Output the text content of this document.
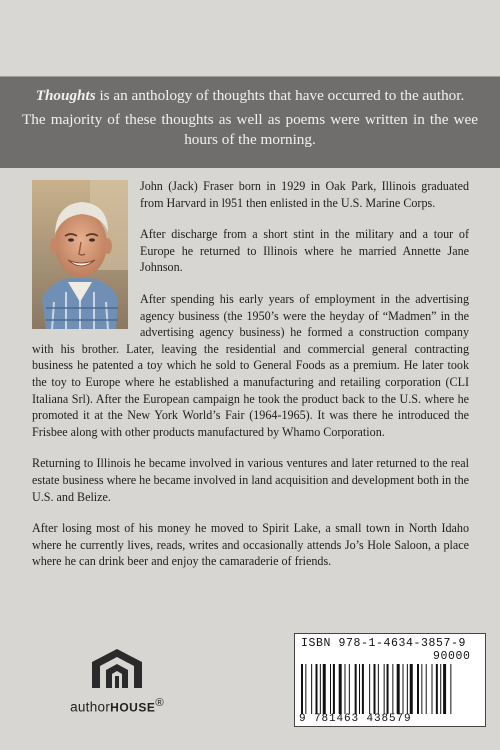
Thoughts is an anthology of thoughts that have occurred to the author.

The majority of these thoughts as well as poems were written in the wee hours of the morning.

John (Jack) Fraser born in 1929 in Oak Park, Illinois graduated from Harvard in l951 then enlisted in the U.S. Marine Corps.

After discharge from a short stint in the military and a tour of Europe he returned to Illinois where he married Annette Jane Johnson.

After spending his early years of employment in the advertising agency business (the 1950’s were the heyday of “Madmen” in the advertising agency business) he formed a construction company with his brother. Later, leaving the residential and commercial general contracting business he patented a toy which he sold to General Foods as a premium. He later took the toy to Europe where he established a manufacturing and retailing corporation (CLI Italiana Srl). After the European campaign he took the product back to the U.S. where he promoted it at the New York World’s Fair (1964-1965). It was there he introduced the Frisbee along with other products manufactured by Whamo Corporation.

Returning to Illinois he became involved in various ventures and later returned to the real estate business where he became involved in land acquisition and development both in the U.S. and Belize.

After losing most of his money he moved to Spirit Lake, a small town in North Idaho where he currently lives, reads, writes and occasionally attends Jo’s Hole Saloon, a place where he can drink beer and enjoy the camaraderie of friends.

authorHOUSE®
ISBN 978-1-4634-3857-9
90000
9 781463 438579
